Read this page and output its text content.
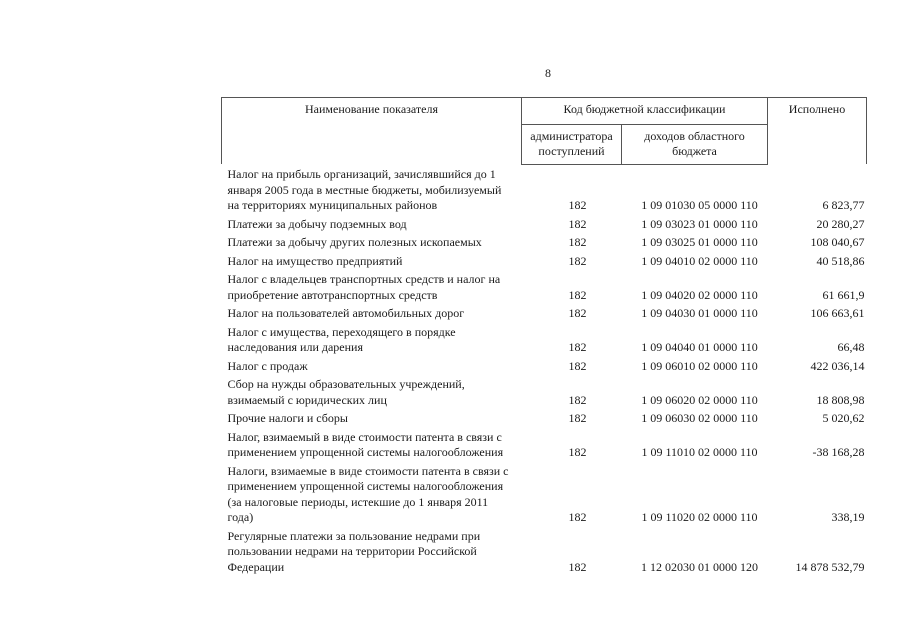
8
Наименование показателя	Код бюджетной классификации		Исполнено
	администратора поступлений	доходов областного бюджета	
Налог на прибыль организаций, зачислявшийся до 1 января 2005 года в местные бюджеты, мобилизуемый на территориях муниципальных районов	182	1 09 01030 05 0000 110	6 823,77
Платежи за добычу подземных вод	182	1 09 03023 01 0000 110	20 280,27
Платежи за добычу других полезных ископаемых	182	1 09 03025 01 0000 110	108 040,67
Налог на имущество предприятий	182	1 09 04010 02 0000 110	40 518,86
Налог с владельцев транспортных средств и налог на приобретение автотранспортных средств	182	1 09 04020 02 0000 110	61 661,9
Налог на пользователей автомобильных дорог	182	1 09 04030 01 0000 110	106 663,61
Налог с имущества, переходящего в порядке наследования или дарения	182	1 09 04040 01 0000 110	66,48
Налог с продаж	182	1 09 06010 02 0000 110	422 036,14
Сбор на нужды образовательных учреждений, взимаемый с юридических лиц	182	1 09 06020 02 0000 110	18 808,98
Прочие налоги и сборы	182	1 09 06030 02 0000 110	5 020,62
Налог, взимаемый в виде стоимости патента в связи с применением упрощенной системы налогообложения	182	1 09 11010 02 0000 110	-38 168,28
Налоги, взимаемые в виде стоимости патента в связи с применением упрощенной системы налогообложения (за налоговые периоды, истекшие до 1 января 2011 года)	182	1 09 11020 02 0000 110	338,19
Регулярные платежи за пользование недрами при пользовании недрами на территории Российской Федерации	182	1 12 02030 01 0000 120	14 878 532,79
